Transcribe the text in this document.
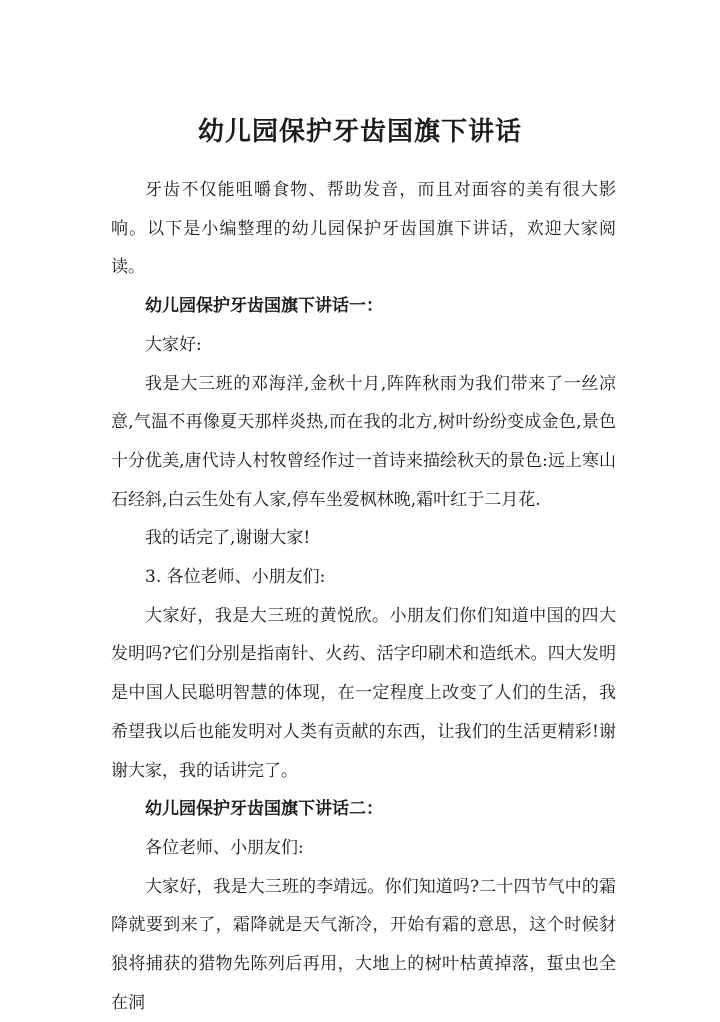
幼儿园保护牙齿国旗下讲话

牙齿不仅能咀嚼食物、帮助发音，而且对面容的美有很大影响。以下是小编整理的幼儿园保护牙齿国旗下讲话，欢迎大家阅读。

幼儿园保护牙齿国旗下讲话一：

大家好:

我是大三班的邓海洋,金秋十月,阵阵秋雨为我们带来了一丝凉意,气温不再像夏天那样炎热,而在我的北方,树叶纷纷变成金色,景色十分优美,唐代诗人村牧曾经作过一首诗来描绘秋天的景色:远上寒山石经斜,白云生处有人家,停车坐爱枫林晚,霜叶红于二月花.

我的话完了,谢谢大家!

3. 各位老师、小朋友们:

大家好，我是大三班的黄悦欣。小朋友们你们知道中国的四大发明吗?它们分别是指南针、火药、活字印刷术和造纸术。四大发明是中国人民聪明智慧的体现，在一定程度上改变了人们的生活，我希望我以后也能发明对人类有贡献的东西，让我们的生活更精彩!谢谢大家，我的话讲完了。

幼儿园保护牙齿国旗下讲话二：

各位老师、小朋友们:

大家好，我是大三班的李靖远。你们知道吗?二十四节气中的霜降就要到来了，霜降就是天气渐冷，开始有霜的意思，这个时候豺狼将捕获的猎物先陈列后再用，大地上的树叶枯黄掉落，蜇虫也全在洞
